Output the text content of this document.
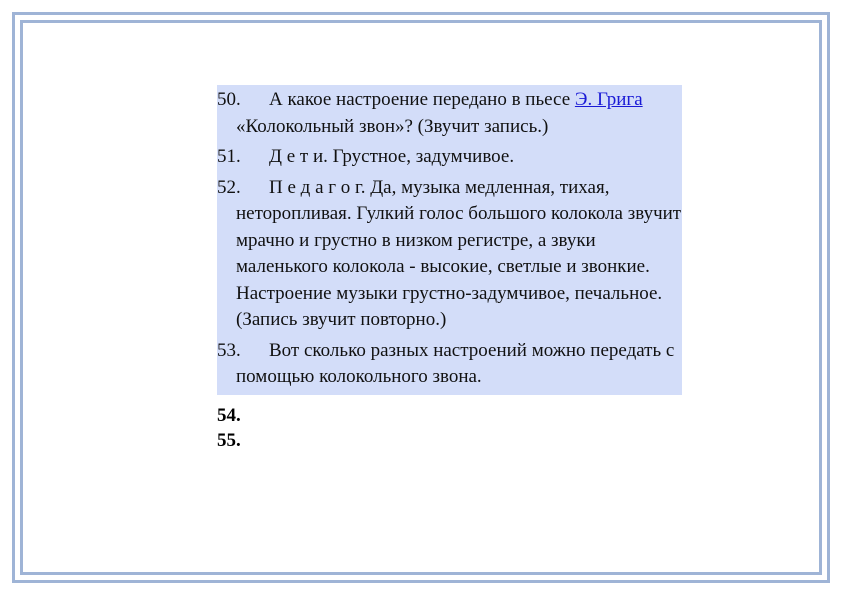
50. А какое настроение передано в пьесе Э. Грига «Колокольный звон»? (Звучит запись.)
51. Д е т и. Грустное, задумчивое.
52. П е д а г о г. Да, музыка медленная, тихая, неторопливая. Гулкий голос большого колокола звучит мрачно и грустно в низком регистре, а звуки маленького колокола - высокие, светлые и звонкие. Настроение музыки грустно-задумчивое, печальное. (Запись звучит повторно.)
53. Вот сколько разных настроений можно передать с помощью колокольного звона.
54.
55.
